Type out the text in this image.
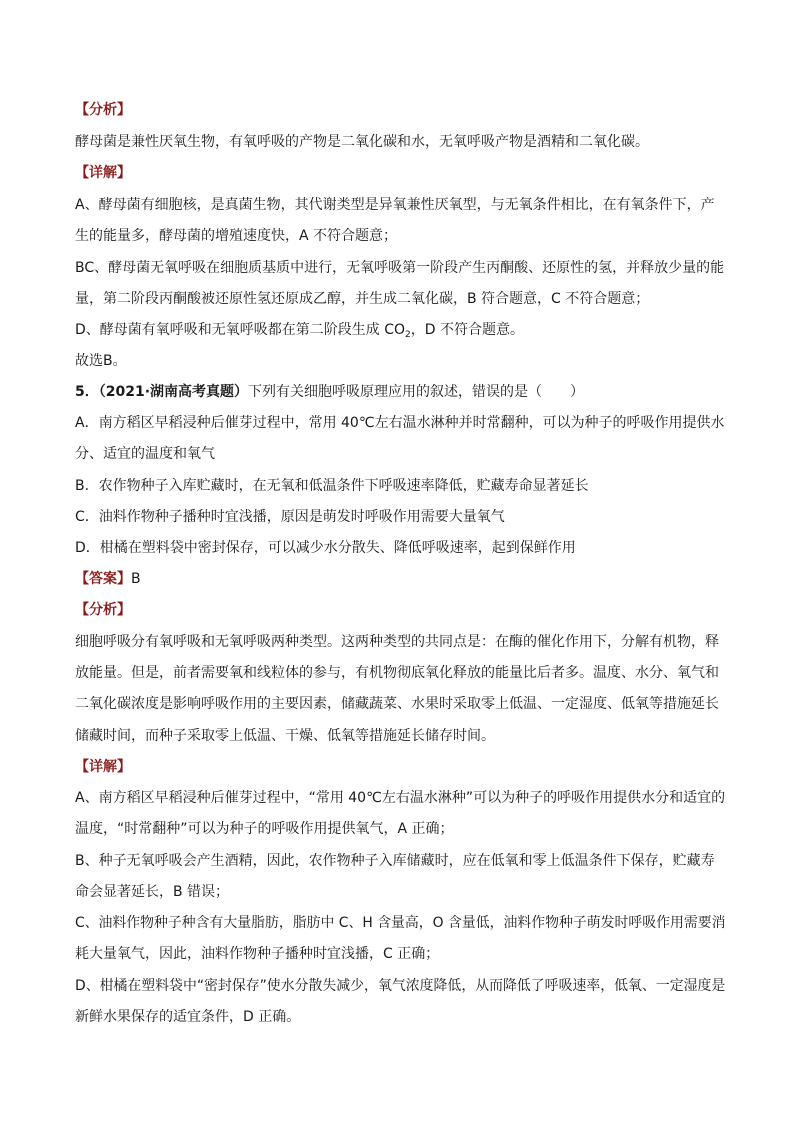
【分析】
酵母菌是兼性厌氧生物，有氧呼吸的产物是二氧化碳和水，无氧呼吸产物是酒精和二氧化碳。
【详解】
A、酵母菌有细胞核，是真菌生物，其代谢类型是异氧兼性厌氧型，与无氧条件相比，在有氧条件下，产
生的能量多，酵母菌的增殖速度快，A 不符合题意；
BC、酵母菌无氧呼吸在细胞质基质中进行，无氧呼吸第一阶段产生丙酮酸、还原性的氢，并释放少量的能
量，第二阶段丙酮酸被还原性氢还原成乙醇，并生成二氧化碳，B 符合题意，C 不符合题意；
D、酵母菌有氧呼吸和无氧呼吸都在第二阶段生成 $CO_2$，D 不符合题意。
故选B。
5．（2021·湖南高考真题）下列有关细胞呼吸原理应用的叙述，错误的是（　　）
A．南方稻区早稻浸种后催芽过程中，常用 40℃左右温水淋种并时常翻种，可以为种子的呼吸作用提供水
分、适宜的温度和氧气
B．农作物种子入库贮藏时，在无氧和低温条件下呼吸速率降低，贮藏寿命显著延长
C．油料作物种子播种时宜浅播，原因是萌发时呼吸作用需要大量氧气
D．柑橘在塑料袋中密封保存，可以减少水分散失、降低呼吸速率，起到保鲜作用
【答案】B
【分析】
细胞呼吸分有氧呼吸和无氧呼吸两种类型。这两种类型的共同点是：在酶的催化作用下，分解有机物，释
放能量。但是，前者需要氧和线粒体的参与，有机物彻底氧化释放的能量比后者多。温度、水分、氧气和
二氧化碳浓度是影响呼吸作用的主要因素，储藏蔬菜、水果时采取零上低温、一定湿度、低氧等措施延长
储藏时间，而种子采取零上低温、干燥、低氧等措施延长储存时间。
【详解】
A、南方稻区早稻浸种后催芽过程中，“常用 40℃左右温水淋种”可以为种子的呼吸作用提供水分和适宜的
温度，“时常翻种”可以为种子的呼吸作用提供氧气，A 正确；
B、种子无氧呼吸会产生酒精，因此，农作物种子入库储藏时，应在低氧和零上低温条件下保存，贮藏寿
命会显著延长，B 错误；
C、油料作物种子种含有大量脂肪，脂肪中 C、H 含量高，O 含量低，油料作物种子萌发时呼吸作用需要消
耗大量氧气，因此，油料作物种子播种时宜浅播，C 正确；
D、柑橘在塑料袋中“密封保存”使水分散失减少，氧气浓度降低，从而降低了呼吸速率，低氧、一定湿度是
新鲜水果保存的适宜条件，D 正确。
